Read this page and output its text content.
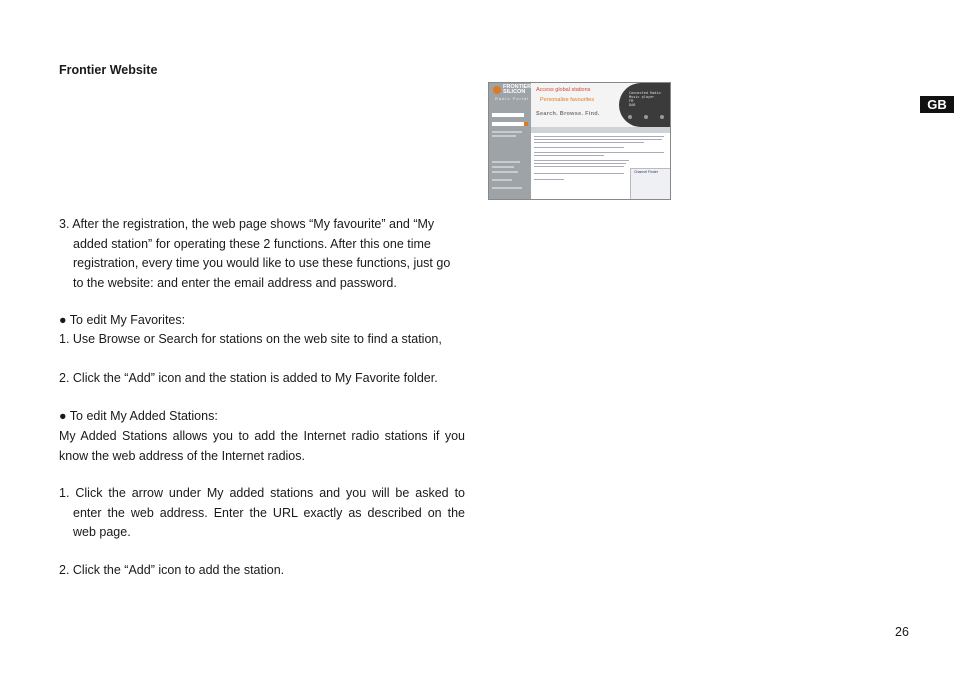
Frontier Website
GB
FRONTIER SILICON
Radio Portal
Access global stations
Personalise favourites
Search. Browse. Find.
Connected Radio
Music player
FM
DAB
Channel Finder
3. After the registration, the web page shows “My favourite” and “My
added station” for operating these 2 functions. After this one time
registration, every time you would like to use these functions, just go
to the website: and enter the email address and password.
● To edit My Favorites:
1. Use Browse or Search for stations on the web site to find a station,
2. Click the “Add” icon and the station is added to My Favorite folder.
● To edit My Added Stations:
My Added Stations allows you to add the Internet radio stations if you
know the web address of the Internet radios.
1. Click the arrow under My added stations and you will be asked to
enter the web address. Enter the URL exactly as described on the
web page.
2. Click the “Add” icon to add the station.
26
